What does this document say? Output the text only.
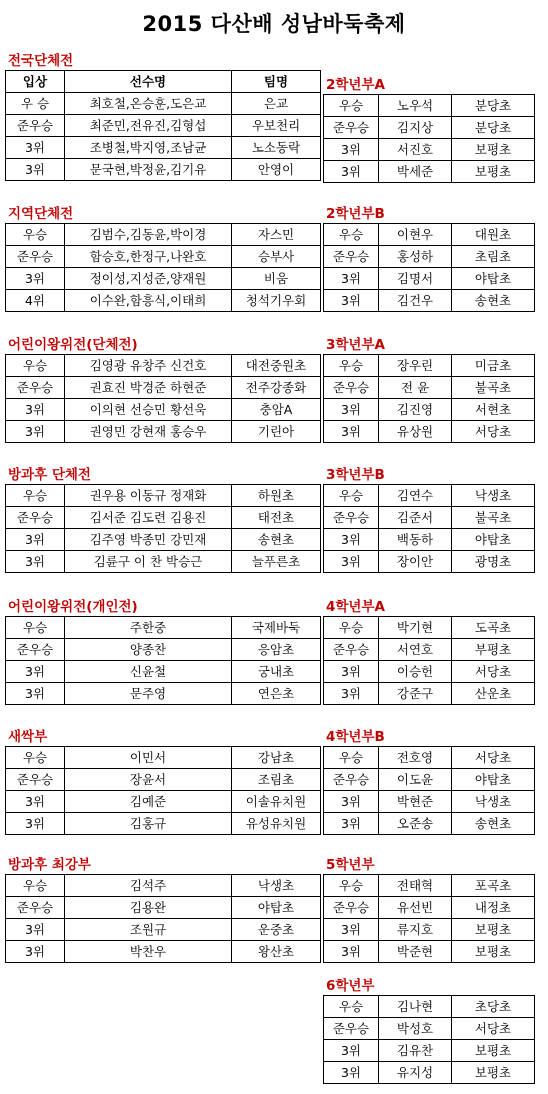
2015 다산배 성남바둑축제
전국단체전
입상	선수명	팀명
우 승	최호철,온승훈,도은교	은교
준우승	최준민,전유진,김형섭	우보천리
3위	조병철,박지영,조남균	노소동락
3위	문국현,박정윤,김기유	안영이
지역단체전
우승	김범수,김동윤,박이경	자스민
준우승	함승호,한정구,나완호	승부사
3위	정이성,지성준,양재원	비움
4위	이수완,함흥식,이태희	청석기우회
어린이왕위전(단체전)
우승	김영광 유창주 신건호	대전중원초
준우승	권효진 박경준 하현준	전주강종화
3위	이의현 선승민 황선욱	충암A
3위	권영민 강현재 홍승우	기린아
방과후 단체전
우승	권우용 이동규 정재화	하원초
준우승	김서준 김도련 김용진	태전초
3위	김주영 박종민 강민재	송현초
3위	김륜구 이 찬 박승근	늘푸른초
어린이왕위전(개인전)
우승	주한중	국제바둑
준우승	양종찬	응암초
3위	신윤철	궁내초
3위	문주영	연은초
새싹부
우승	이민서	강남초
준우승	장윤서	조림초
3위	김예준	이솔유치원
3위	김홍규	유성유치원
방과후 최강부
우승	김석주	낙생초
준우승	김용완	야탑초
3위	조원규	운중초
3위	박찬우	왕산초
2학년부A
우승	노우석	분당초
준우승	김지상	분당초
3위	서진호	보평초
3위	박세준	보평초
2학년부B
우승	이현우	대원초
준우승	홍성하	초림초
3위	김명서	야탑초
3위	김건우	송현초
3학년부A
우승	장우린	미금초
준우승	전 윤	불곡초
3위	김진영	서현초
3위	유상원	서당초
3학년부B
우승	김연수	낙생초
준우승	김준서	불곡초
3위	백동하	야탑초
3위	장이안	광명초
4학년부A
우승	박기현	도곡초
준우승	서연호	부평초
3위	이승헌	서당초
3위	강준구	산운초
4학년부B
우승	전호영	서당초
준우승	이도윤	야탑초
3위	박현준	낙생초
3위	오준송	송현초
5학년부
우승	전태혁	포곡초
준우승	유선빈	내정초
3위	류지호	보평초
3위	박준현	보평초
6학년부
우승	김나현	초당초
준우승	박성호	서당초
3위	김유찬	보평초
3위	유지성	보평초
